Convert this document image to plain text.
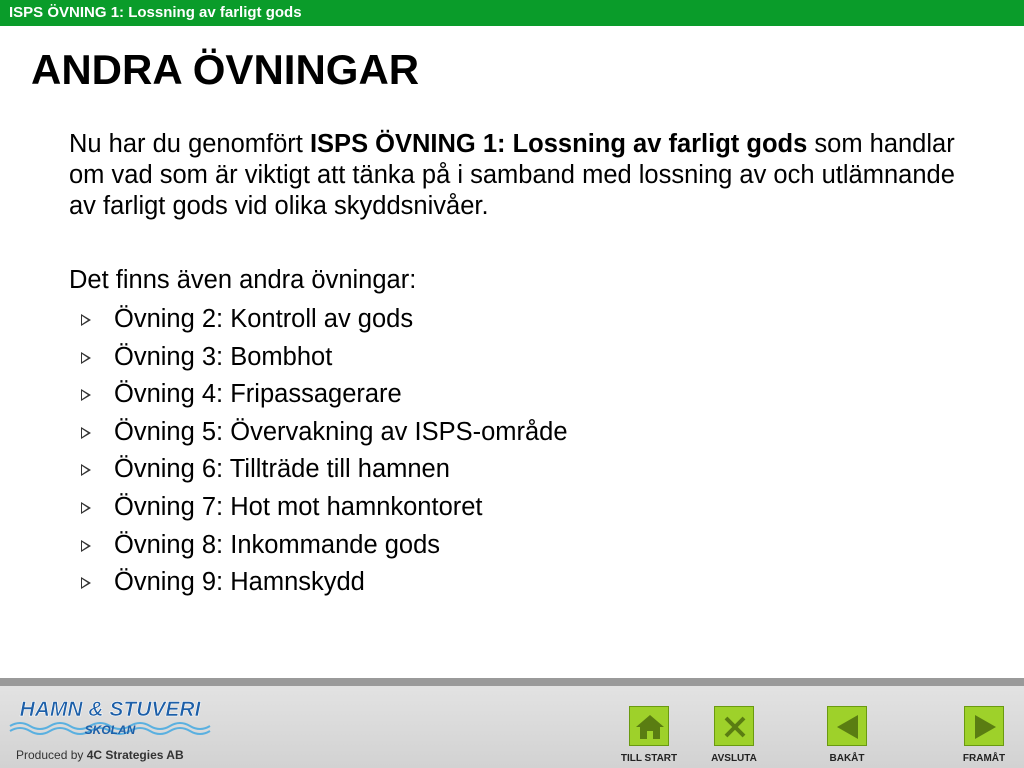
ISPS ÖVNING 1: Lossning av farligt gods
ANDRA ÖVNINGAR

Nu har du genomfört ISPS ÖVNING 1: Lossning av farligt gods som handlar om vad som är viktigt att tänka på i samband med lossning av och utlämnande av farligt gods vid olika skyddsnivåer.

Det finns även andra övningar:
Övning 2: Kontroll av gods
Övning 3: Bombhot
Övning 4: Fripassagerare
Övning 5: Övervakning av ISPS-område
Övning 6: Tillträde till hamnen
Övning 7: Hot mot hamnkontoret
Övning 8: Inkommande gods
Övning 9: Hamnskydd
HAMN & STUVERI
SKOLAN
Produced by 4C Strategies AB	TILL START	AVSLUTA	BAKÅT	FRAMÅT
